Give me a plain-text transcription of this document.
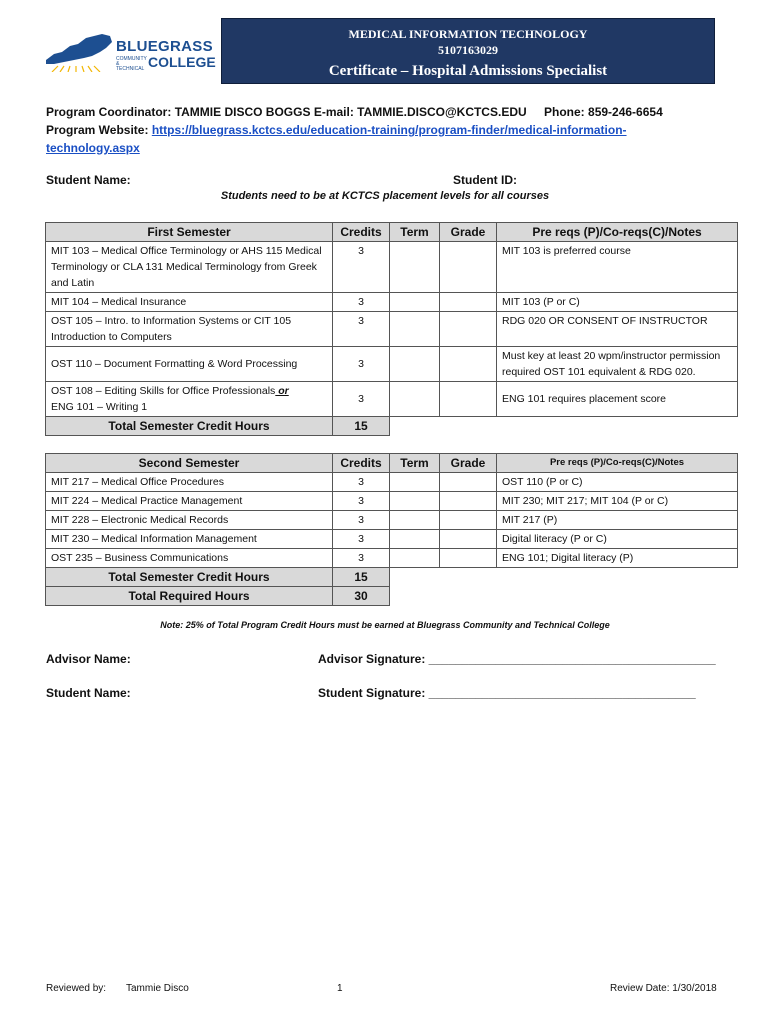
BLUEGRASS
COMMUNITY & TECHNICAL COLLEGE
MEDICAL INFORMATION TECHNOLOGY
5107163029
Certificate – Hospital Admissions Specialist
Program Coordinator: TAMMIE DISCO BOGGS E-mail: TAMMIE.DISCO@KCTCS.EDU Phone: 859-246-6654
Program Website: https://bluegrass.kctcs.edu/education-training/program-finder/medical-information-
technology.aspx
Student Name:	Student ID:
Students need to be at KCTCS placement levels for all courses
First Semester	Credits	Term	Grade	Pre reqs (P)/Co-reqs(C)/Notes
MIT 103 – Medical Office Terminology or AHS 115 Medical Terminology or CLA 131 Medical Terminology from Greek and Latin	3			MIT 103 is preferred course
MIT 104 – Medical Insurance	3			MIT 103 (P or C)
OST 105 – Intro. to Information Systems or CIT 105 Introduction to Computers	3			RDG 020 OR CONSENT OF INSTRUCTOR
OST 110 – Document Formatting & Word Processing	3			Must key at least 20 wpm/instructor permission required OST 101 equivalent & RDG 020.
OST 108 – Editing Skills for Office Professionals or
ENG 101 – Writing 1	3			ENG 101 requires placement score
Total Semester Credit Hours	15			
Second Semester	Credits	Term	Grade	Pre reqs (P)/Co-reqs(C)/Notes
MIT 217 – Medical Office Procedures	3			OST 110 (P or C)
MIT 224 – Medical Practice Management	3			MIT 230; MIT 217; MIT 104 (P or C)
MIT 228 – Electronic Medical Records	3			MIT 217 (P)
MIT 230 – Medical Information Management	3			Digital literacy (P or C)
OST 235 – Business Communications	3			ENG 101; Digital literacy (P)
Total Semester Credit Hours	15			
Total Required Hours	30			
Note: 25% of Total Program Credit Hours must be earned at Bluegrass Community and Technical College
Advisor Name:	Advisor Signature: ___________________________________________
Student Name:	Student Signature: ________________________________________
Reviewed by: Tammie Disco	1	Review Date: 1/30/2018
